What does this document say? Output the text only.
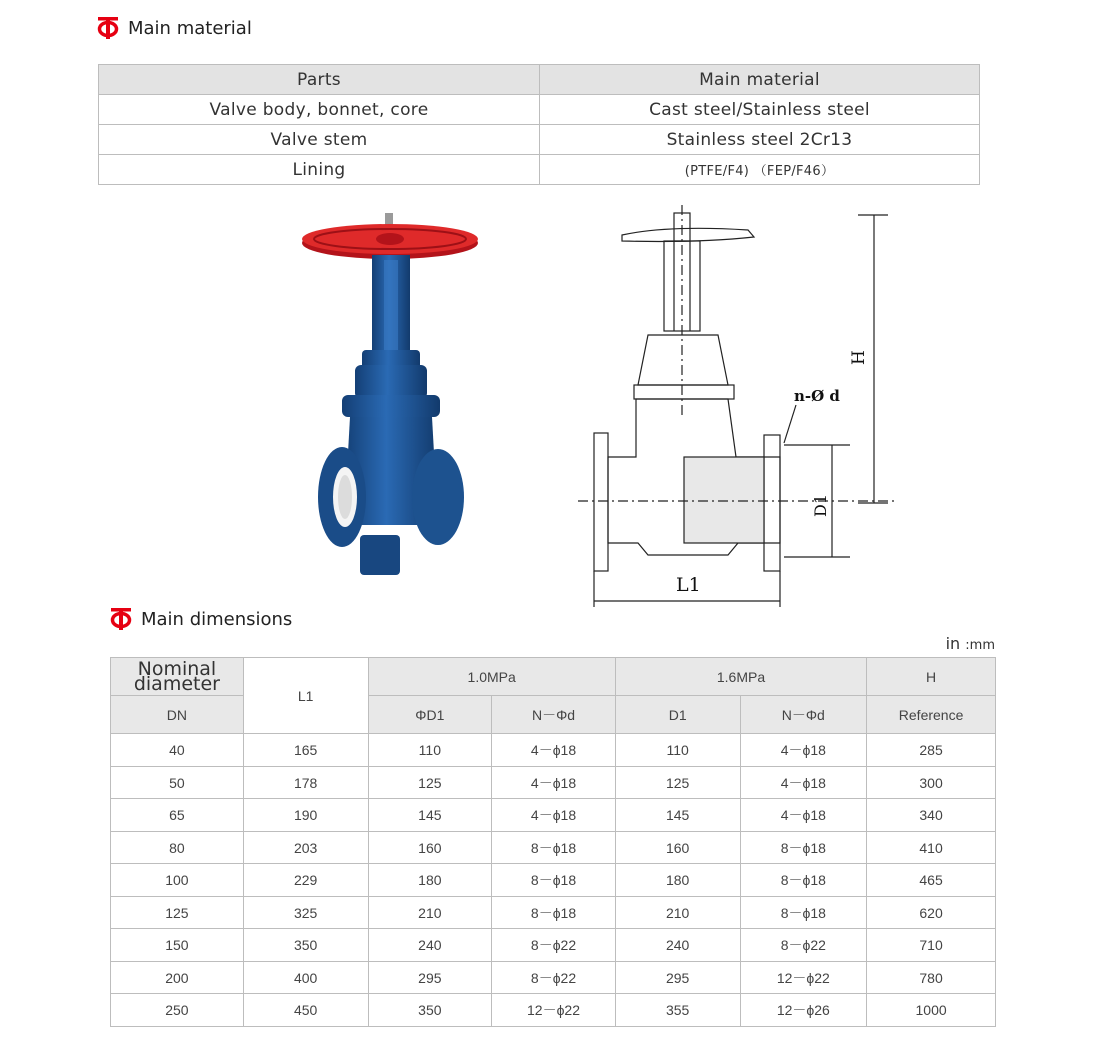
Main material
Parts	Main material
Valve body, bonnet, core	Cast steel/Stainless steel
Valve stem	Stainless steel 2Cr13
Lining	(PTFE/F4) （FEP/F46）
H
n-Ø d
D1
L1
Main dimensions
in :mm
Nominal diameter	L1	1.0MPa		1.6MPa		H
DN		ΦD1	N－Φd	D1	N－Φd	Reference
40	165	110	4－ϕ18	110	4－ϕ18	285
50	178	125	4－ϕ18	125	4－ϕ18	300
65	190	145	4－ϕ18	145	4－ϕ18	340
80	203	160	8－ϕ18	160	8－ϕ18	410
100	229	180	8－ϕ18	180	8－ϕ18	465
125	325	210	8－ϕ18	210	8－ϕ18	620
150	350	240	8－ϕ22	240	8－ϕ22	710
200	400	295	8－ϕ22	295	12－ϕ22	780
250	450	350	12－ϕ22	355	12－ϕ26	1000
